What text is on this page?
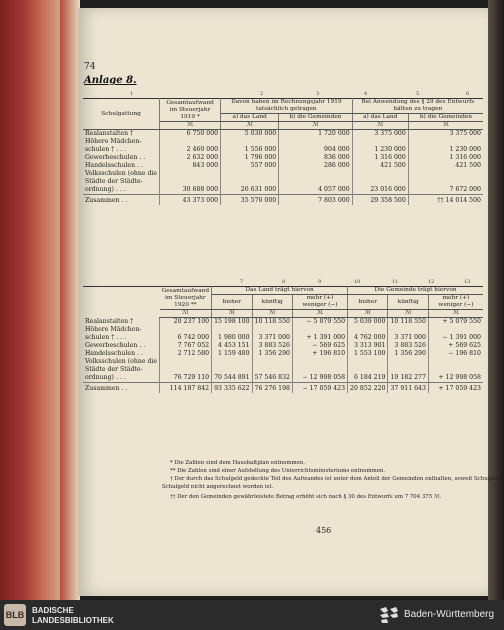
74
Anlage 8.
1	2	3	4	5	6
Schulgattung	Gesamtaufwand im Steuerjahr 1919 *	Davon haben im Rechnungsjahr 1919 tatsächlich getragen		Bei Anwendung des § 29 des Entwurfs hätten zu tragen	
		a) das Land	b) die Gemeinden	a) das Land	b) die Gemeinden
	ℳ	ℳ	ℳ	ℳ	ℳ
Realanstalten †	6 750 000	5 030 000	1 720 000	3 375 000	3 375 000
Höhere Mädchen-					
schulen † . . .	2 460 000	1 556 000	904 000	1 230 000	1 230 000
Gewerbeschulen . .	2 632 000	1 796 000	836 000	1 316 000	1 316 000
Handelsschulen . .	843 000	557 000	286 000	421 500	421 500
Volksschulen (ohne die					
Städte der Städte-					
ordnung) . . .	30 688 000	26 631 000	4 057 000	23 016 000	7 672 000
Zusammen . .	43 373 000	35 570 000	7 803 000	29 358 500	†† 14 014 500
7	8	9	10	11	12	13
	Gesamtaufwand im Steuerjahr 1920 **	Das Land trägt hiervon			Die Gemeinde trägt hiervon		
		bisher	künftig	mehr (+) weniger (−)	bisher	künftig	mehr (+) weniger (−)
	ℳ	ℳ	ℳ	ℳ	ℳ	ℳ	ℳ
Realanstalten †	20 237 100	15 198 100	10 118 550	− 5 079 550	5 039 000	10 118 550	+ 5 079 550
Höhere Mädchen-							
schulen † . . .	6 742 000	1 980 000	3 371 000	+ 1 391 000	4 762 000	3 371 000	− 1 391 000
Gewerbeschulen . .	7 767 052	4 453 151	3 883 526	− 569 625	3 313 901	3 883 526	+ 569 625
Handelsschulen . .	2 712 580	1 159 480	1 356 290	+ 196 810	1 553 100	1 356 290	− 196 810
Volksschulen (ohne die							
Städte der Städte-							
ordnung) . . .	76 729 110	70 544 891	57 546 832	− 12 998 058	6 184 219	19 182 277	+ 12 998 058
Zusammen . .	114 187 842	93 335 622	76 276 198	− 17 059 423	20 852 220	37 911 643	+ 17 059 423
* Die Zahlen sind dem Haushaltplan entnommen.
** Die Zahlen sind einer Aufstellung des Unterrichtsministeriums entnommen.
† Der durch das Schulgeld gedeckte Teil des Aufwandes ist unter dem Anteil der Gemeinden enthalten, soweit Schulgeld
Schulgeld nicht angerechnet worden ist.
†† Der den Gemeinden gewährleistete Betrag erhöht sich nach § 30 des Entwurfs um 7 704 375 ℳ.
456
BLB BADISCHE
LANDESBIBLIOTHEK
Baden-Württemberg
